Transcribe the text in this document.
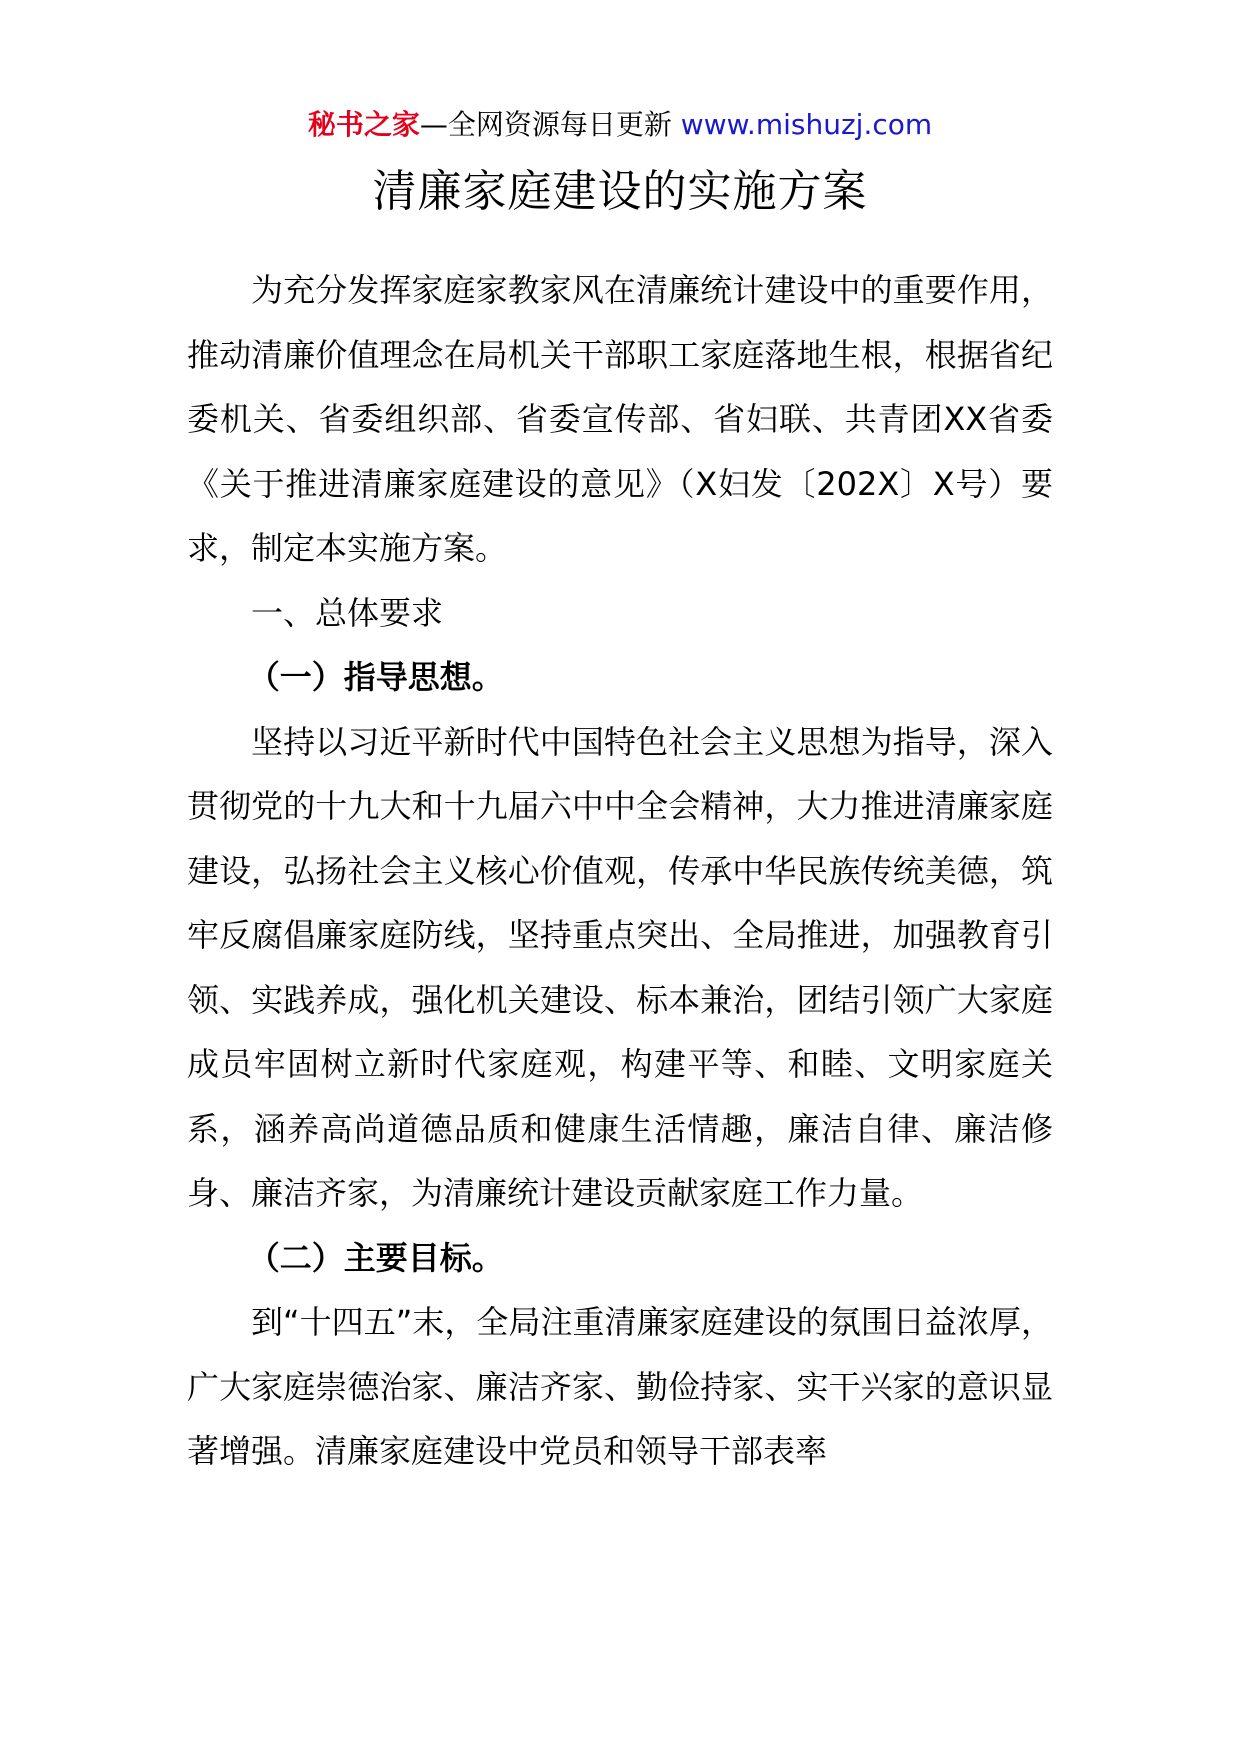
秘书之家—全网资源每日更新 www.mishuzj.com
清廉家庭建设的实施方案

为充分发挥家庭家教家风在清廉统计建设中的重要作用，推动清廉价值理念在局机关干部职工家庭落地生根，根据省纪委机关、省委组织部、省委宣传部、省妇联、共青团XX省委《关于推进清廉家庭建设的意见》（X妇发〔202X〕X号）要求，制定本实施方案。

一、总体要求

（一）指导思想。

坚持以习近平新时代中国特色社会主义思想为指导，深入贯彻党的十九大和十九届六中中全会精神，大力推进清廉家庭建设，弘扬社会主义核心价值观，传承中华民族传统美德，筑牢反腐倡廉家庭防线，坚持重点突出、全局推进，加强教育引领、实践养成，强化机关建设、标本兼治，团结引领广大家庭成员牢固树立新时代家庭观，构建平等、和睦、文明家庭关系，涵养高尚道德品质和健康生活情趣，廉洁自律、廉洁修身、廉洁齐家，为清廉统计建设贡献家庭工作力量。

（二）主要目标。

到“十四五”末，全局注重清廉家庭建设的氛围日益浓厚，广大家庭崇德治家、廉洁齐家、勤俭持家、实干兴家的意识显著增强。清廉家庭建设中党员和领导干部表率
